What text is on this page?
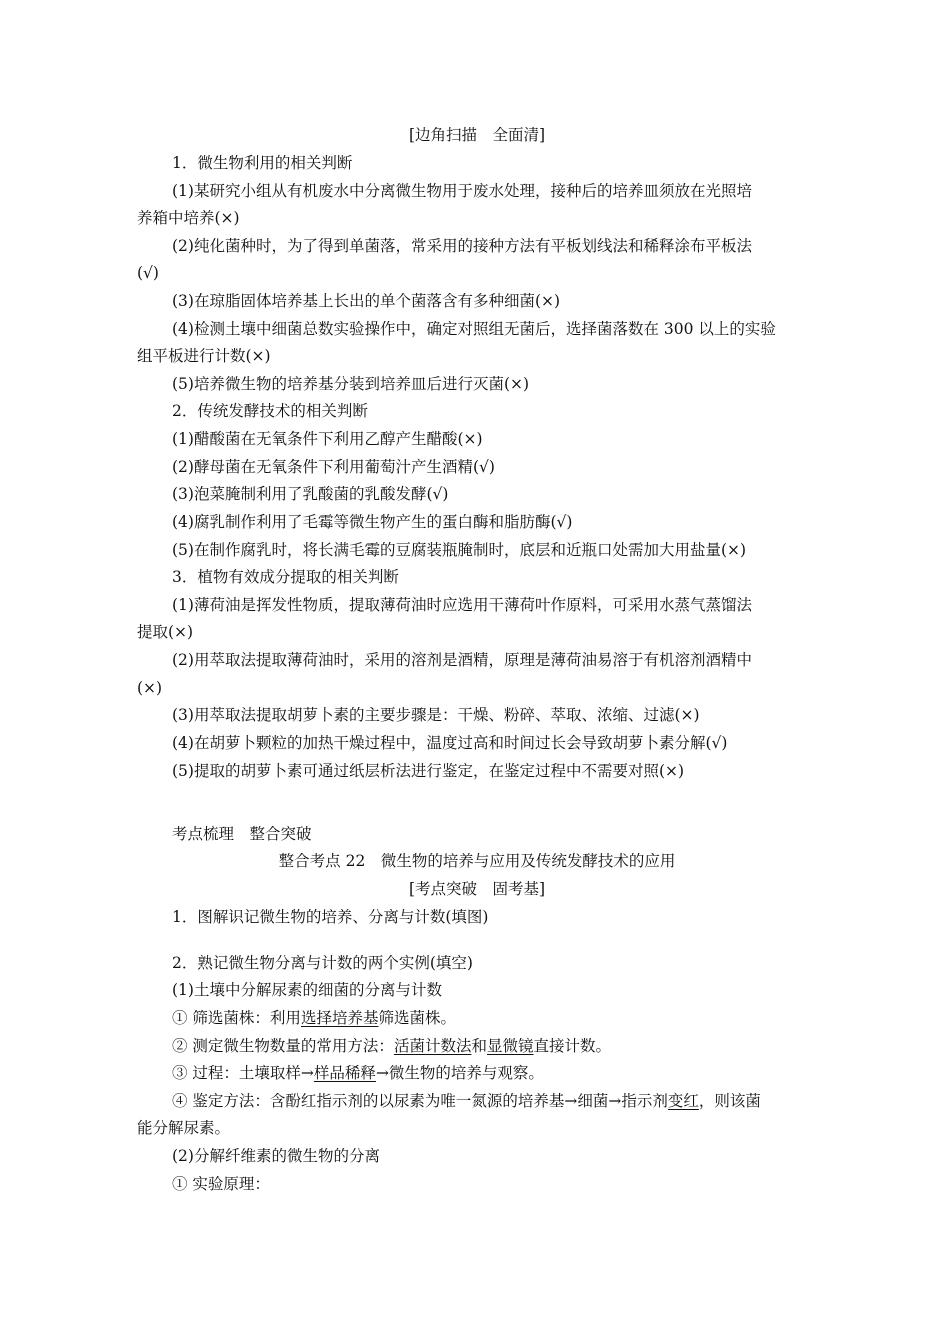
[边角扫描　全面清]
1．微生物利用的相关判断
(1)某研究小组从有机废水中分离微生物用于废水处理，接种后的培养皿须放在光照培
养箱中培养(×)
(2)纯化菌种时，为了得到单菌落，常采用的接种方法有平板划线法和稀释涂布平板法
(√)
(3)在琼脂固体培养基上长出的单个菌落含有多种细菌(×)
(4)检测土壤中细菌总数实验操作中，确定对照组无菌后，选择菌落数在 300 以上的实验
组平板进行计数(×)
(5)培养微生物的培养基分装到培养皿后进行灭菌(×)
2．传统发酵技术的相关判断
(1)醋酸菌在无氧条件下利用乙醇产生醋酸(×)
(2)酵母菌在无氧条件下利用葡萄汁产生酒精(√)
(3)泡菜腌制利用了乳酸菌的乳酸发酵(√)
(4)腐乳制作利用了毛霉等微生物产生的蛋白酶和脂肪酶(√)
(5)在制作腐乳时，将长满毛霉的豆腐装瓶腌制时，底层和近瓶口处需加大用盐量(×)
3．植物有效成分提取的相关判断
(1)薄荷油是挥发性物质，提取薄荷油时应选用干薄荷叶作原料，可采用水蒸气蒸馏法
提取(×)
(2)用萃取法提取薄荷油时，采用的溶剂是酒精，原理是薄荷油易溶于有机溶剂酒精中
(×)
(3)用萃取法提取胡萝卜素的主要步骤是：干燥、粉碎、萃取、浓缩、过滤(×)
(4)在胡萝卜颗粒的加热干燥过程中，温度过高和时间过长会导致胡萝卜素分解(√)
(5)提取的胡萝卜素可通过纸层析法进行鉴定，在鉴定过程中不需要对照(×)
考点梳理　整合突破
整合考点 22　微生物的培养与应用及传统发酵技术的应用
[考点突破　固考基]
1．图解识记微生物的培养、分离与计数(填图)
2．熟记微生物分离与计数的两个实例(填空)
(1)土壤中分解尿素的细菌的分离与计数
① 筛选菌株：利用选择培养基筛选菌株。
② 测定微生物数量的常用方法：活菌计数法和显微镜直接计数。
③ 过程：土壤取样→样品稀释→微生物的培养与观察。
④ 鉴定方法：含酚红指示剂的以尿素为唯一氮源的培养基→细菌→指示剂变红，则该菌
能分解尿素。
(2)分解纤维素的微生物的分离
① 实验原理：
